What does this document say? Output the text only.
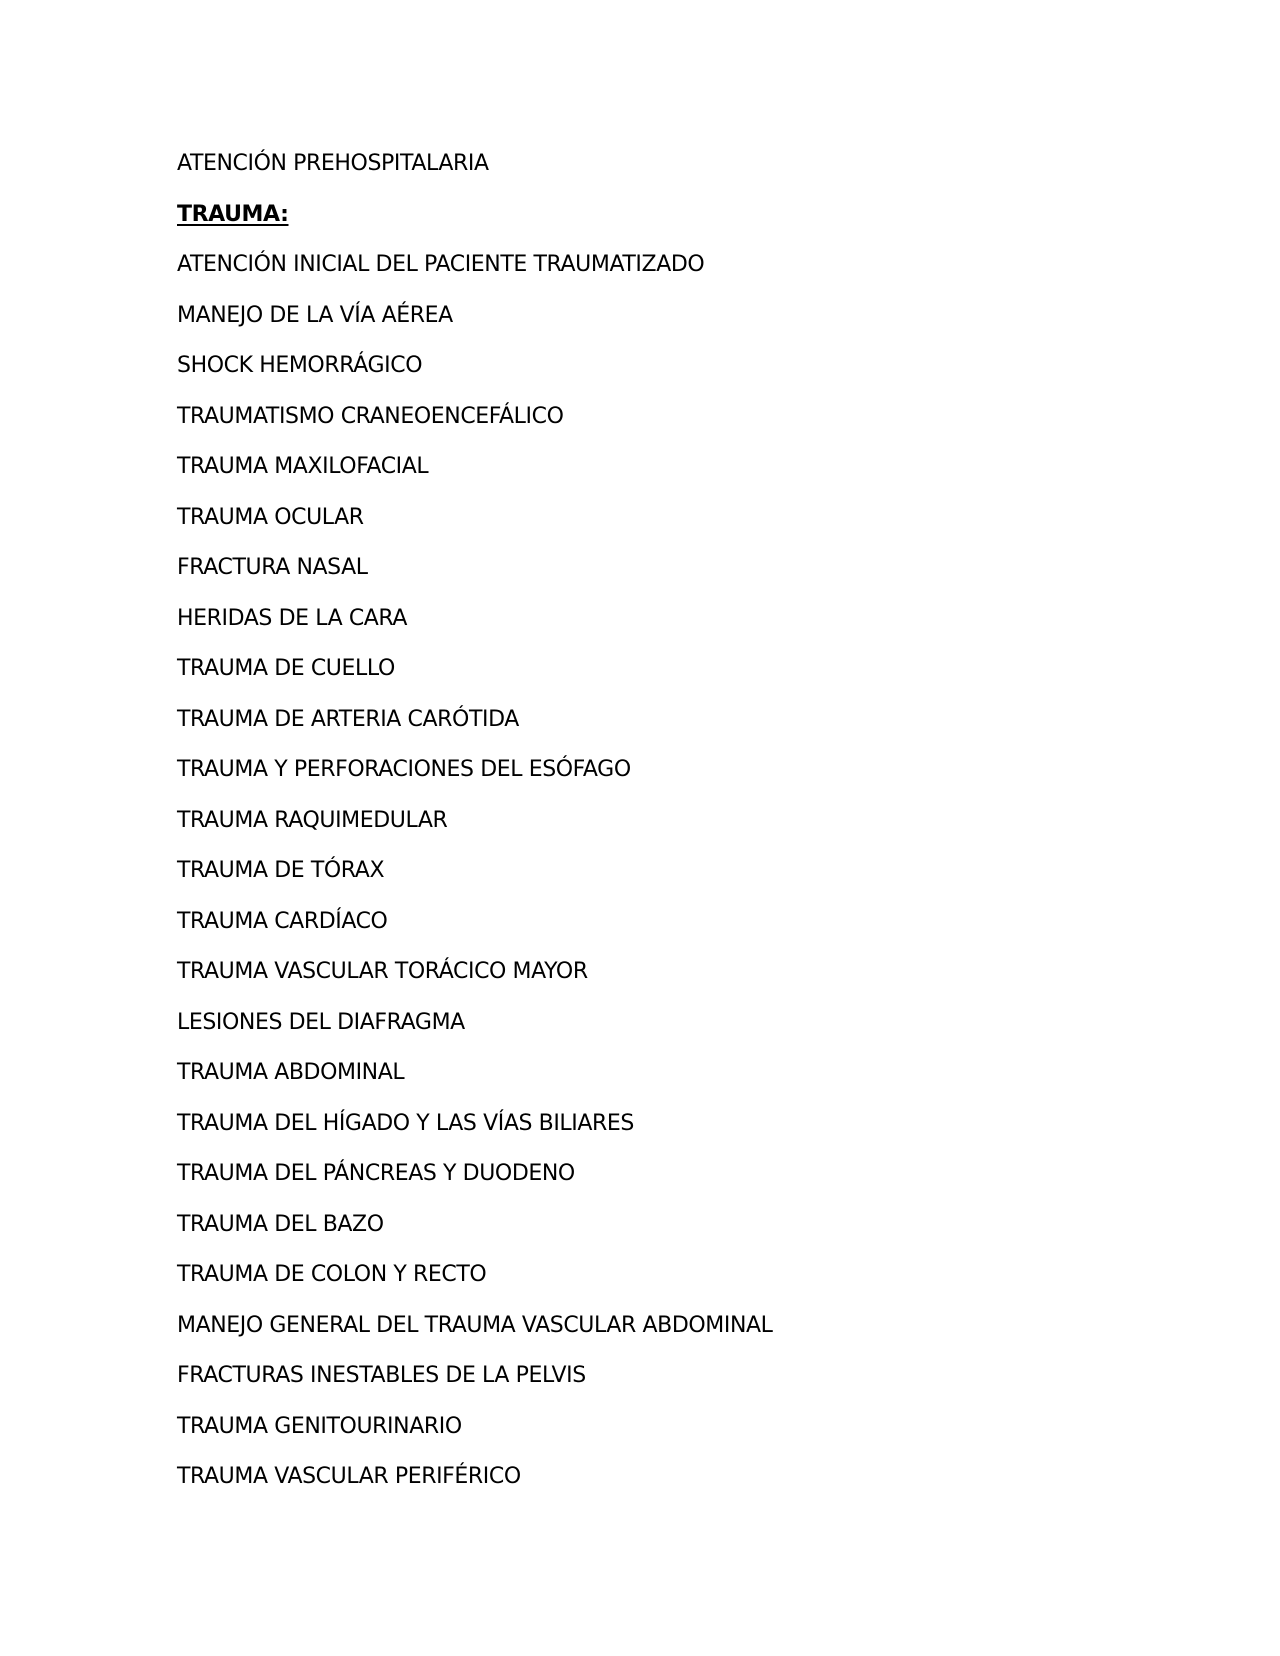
ATENCIÓN PREHOSPITALARIA
TRAUMA:
ATENCIÓN INICIAL DEL PACIENTE TRAUMATIZADO
MANEJO DE LA VÍA AÉREA
SHOCK HEMORRÁGICO
TRAUMATISMO CRANEOENCEFÁLICO
TRAUMA MAXILOFACIAL
TRAUMA OCULAR
FRACTURA NASAL
HERIDAS DE LA CARA
TRAUMA DE CUELLO
TRAUMA DE ARTERIA CARÓTIDA
TRAUMA Y PERFORACIONES DEL ESÓFAGO
TRAUMA RAQUIMEDULAR
TRAUMA DE TÓRAX
TRAUMA CARDÍACO
TRAUMA VASCULAR TORÁCICO MAYOR
LESIONES DEL DIAFRAGMA
TRAUMA ABDOMINAL
TRAUMA DEL HÍGADO Y LAS VÍAS BILIARES
TRAUMA DEL PÁNCREAS Y DUODENO
TRAUMA DEL BAZO
TRAUMA DE COLON Y RECTO
MANEJO GENERAL DEL TRAUMA VASCULAR ABDOMINAL
FRACTURAS INESTABLES DE LA PELVIS
TRAUMA GENITOURINARIO
TRAUMA VASCULAR PERIFÉRICO
